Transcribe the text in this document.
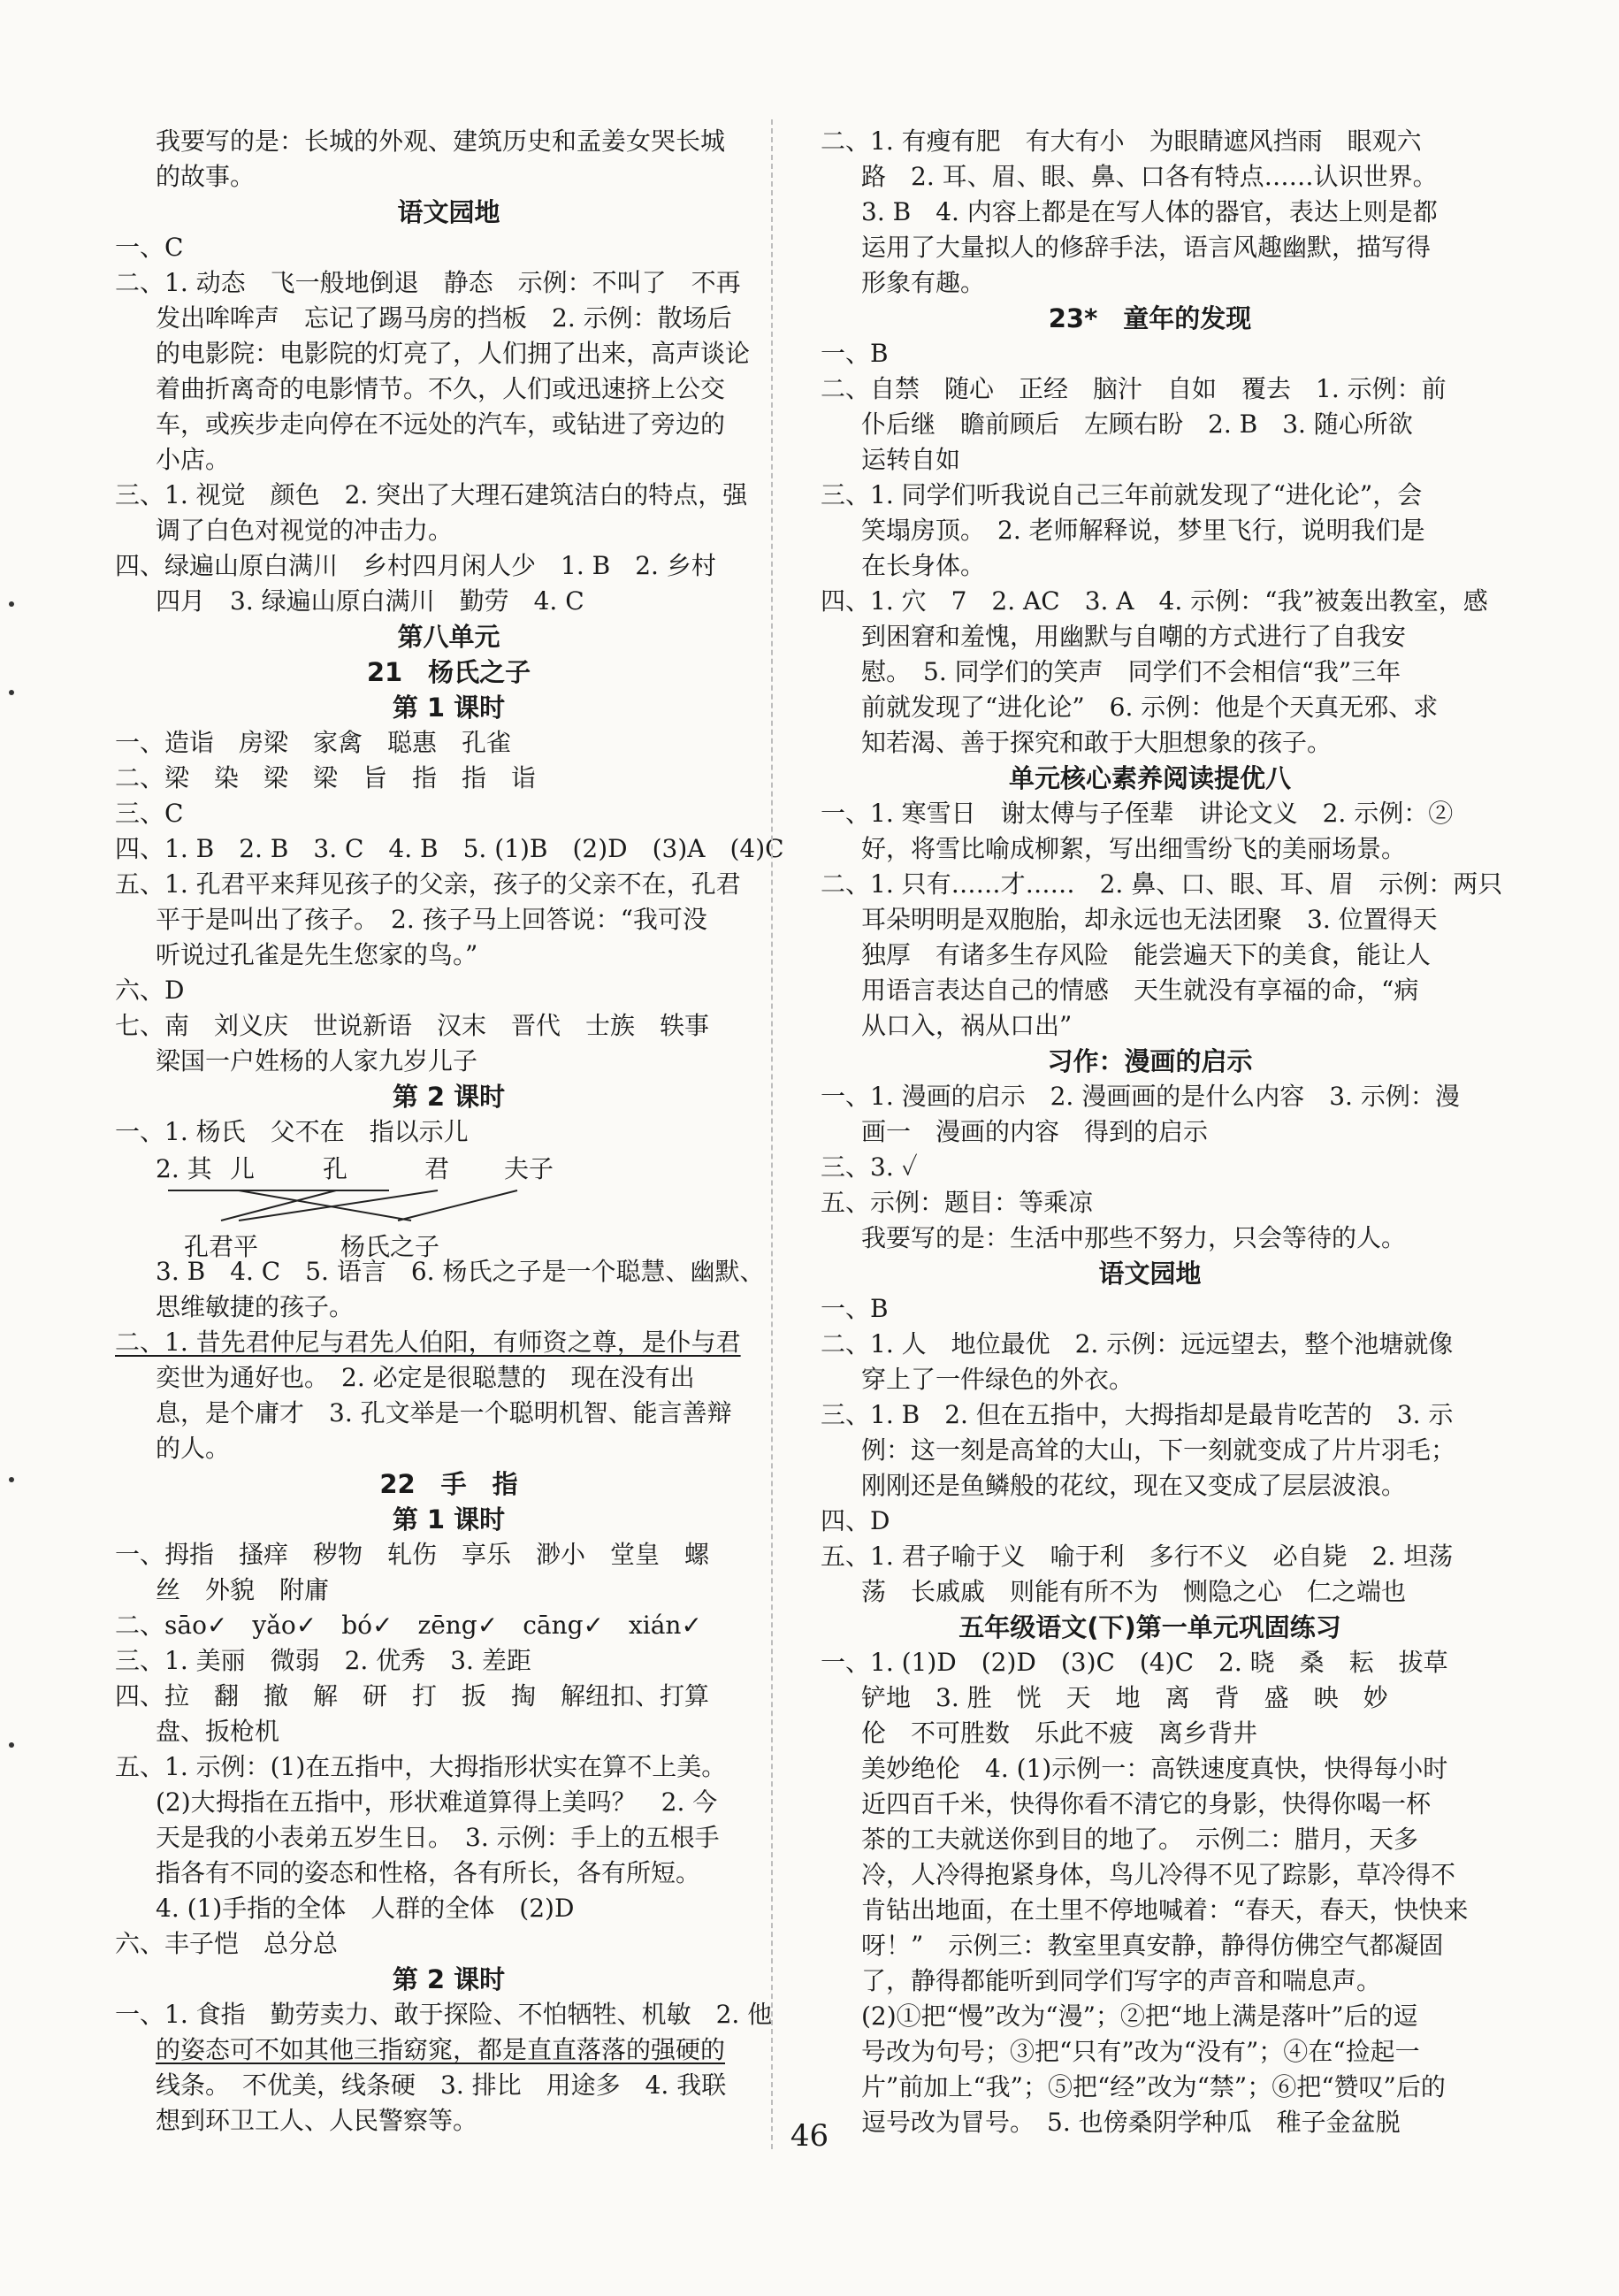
我要写的是：长城的外观、建筑历史和孟姜女哭长城
的故事。
语文园地
一、C
二、1. 动态　飞一般地倒退　静态　示例：不叫了　不再
发出哞哞声　忘记了踢马房的挡板　2. 示例：散场后
的电影院：电影院的灯亮了，人们拥了出来，高声谈论
着曲折离奇的电影情节。不久，人们或迅速挤上公交
车，或疾步走向停在不远处的汽车，或钻进了旁边的
小店。
三、1. 视觉　颜色　2. 突出了大理石建筑洁白的特点，强
调了白色对视觉的冲击力。
四、绿遍山原白满川　乡村四月闲人少　1. B　2. 乡村
四月　3. 绿遍山原白满川　勤劳　4. C
第八单元
21　杨氏之子
第 1 课时
一、造诣　房梁　家禽　聪惠　孔雀
二、梁　染　梁　梁　旨　指　指　诣
三、C
四、1. B　2. B　3. C　4. B　5. (1)B　(2)D　(3)A　(4)C
五、1. 孔君平来拜见孩子的父亲，孩子的父亲不在，孔君
平于是叫出了孩子。　2. 孩子马上回答说：“我可没
听说过孔雀是先生您家的鸟。”
六、D
七、南　刘义庆　世说新语　汉末　晋代　士族　轶事
梁国一户姓杨的人家九岁儿子
第 2 课时
一、1. 杨氏　父不在　指以示儿
2. 其 儿	孔	君 夫子
孔君平	杨氏之子
3. B　4. C　5. 语言　6. 杨氏之子是一个聪慧、幽默、
思维敏捷的孩子。
二、1. 昔先君仲尼与君先人伯阳，有师资之尊，是仆与君
奕世为通好也。　2. 必定是很聪慧的　现在没有出
息，是个庸才　3. 孔文举是一个聪明机智、能言善辩
的人。
22　手　指
第 1 课时
一、拇指　搔痒　秽物　轧伤　享乐　渺小　堂皇　螺
丝　外貌　附庸
二、sāo✓　yǎo✓　bó✓　zēng✓　cāng✓　xián✓
三、1. 美丽　微弱　2. 优秀　3. 差距
四、拉　翻　撤　解　研　打　扳　掏　解纽扣、打算
盘、扳枪机
五、1. 示例：(1)在五指中，大拇指形状实在算不上美。
(2)大拇指在五指中，形状难道算得上美吗？　2. 今
天是我的小表弟五岁生日。　3. 示例：手上的五根手
指各有不同的姿态和性格，各有所长，各有所短。
4. (1)手指的全体　人群的全体　(2)D
六、丰子恺　总分总
第 2 课时
一、1. 食指　勤劳卖力、敢于探险、不怕牺牲、机敏　2. 他
的姿态可不如其他三指窈窕，都是直直落落的强硬的
线条。　不优美，线条硬　3. 排比　用途多　4. 我联
想到环卫工人、人民警察等。
二、1. 有瘦有肥　有大有小　为眼睛遮风挡雨　眼观六
路　2. 耳、眉、眼、鼻、口各有特点……认识世界。
3. B　4. 内容上都是在写人体的器官，表达上则是都
运用了大量拟人的修辞手法，语言风趣幽默，描写得
形象有趣。
23*　童年的发现
一、B
二、自禁　随心　正经　脑汁　自如　覆去　1. 示例：前
仆后继　瞻前顾后　左顾右盼　2. B　3. 随心所欲
运转自如
三、1. 同学们听我说自己三年前就发现了“进化论”，会
笑塌房顶。　2. 老师解释说，梦里飞行，说明我们是
在长身体。
四、1. 穴　7　2. AC　3. A　4. 示例：“我”被轰出教室，感
到困窘和羞愧，用幽默与自嘲的方式进行了自我安
慰。　5. 同学们的笑声　同学们不会相信“我”三年
前就发现了“进化论”　6. 示例：他是个天真无邪、求
知若渴、善于探究和敢于大胆想象的孩子。
单元核心素养阅读提优八
一、1. 寒雪日　谢太傅与子侄辈　讲论文义　2. 示例：②
好，将雪比喻成柳絮，写出细雪纷飞的美丽场景。
二、1. 只有……才……　2. 鼻、口、眼、耳、眉　示例：两只
耳朵明明是双胞胎，却永远也无法团聚　3. 位置得天
独厚　有诸多生存风险　能尝遍天下的美食，能让人
用语言表达自己的情感　天生就没有享福的命，“病
从口入，祸从口出”
习作：漫画的启示
一、1. 漫画的启示　2. 漫画画的是什么内容　3. 示例：漫
画一　漫画的内容　得到的启示
三、3. ✓
五、示例：题目：等乘凉
我要写的是：生活中那些不努力，只会等待的人。
语文园地
一、B
二、1. 人　地位最优　2. 示例：远远望去，整个池塘就像
穿上了一件绿色的外衣。
三、1. B　2. 但在五指中，大拇指却是最肯吃苦的　3. 示
例：这一刻是高耸的大山，下一刻就变成了片片羽毛；
刚刚还是鱼鳞般的花纹，现在又变成了层层波浪。
四、D
五、1. 君子喻于义　喻于利　多行不义　必自毙　2. 坦荡
荡　长戚戚　则能有所不为　恻隐之心　仁之端也
五年级语文(下)第一单元巩固练习
一、1. (1)D　(2)D　(3)C　(4)C　2. 晓　桑　耘　拔草
铲地　3. 胜　恍　天　地　离　背　盛　映　妙
伦　不可胜数　乐此不疲　离乡背井
美妙绝伦　4. (1)示例一：高铁速度真快，快得每小时
近四百千米，快得你看不清它的身影，快得你喝一杯
茶的工夫就送你到目的地了。　示例二：腊月，天多
冷，人冷得抱紧身体，鸟儿冷得不见了踪影，草冷得不
肯钻出地面，在土里不停地喊着：“春天，春天，快快来
呀！”　示例三：教室里真安静，静得仿佛空气都凝固
了，静得都能听到同学们写字的声音和喘息声。
(2)①把“慢”改为“漫”；②把“地上满是落叶”后的逗
号改为句号；③把“只有”改为“没有”；④在“捡起一
片”前加上“我”；⑤把“经”改为“禁”；⑥把“赞叹”后的
逗号改为冒号。　5. 也傍桑阴学种瓜　稚子金盆脱
46
